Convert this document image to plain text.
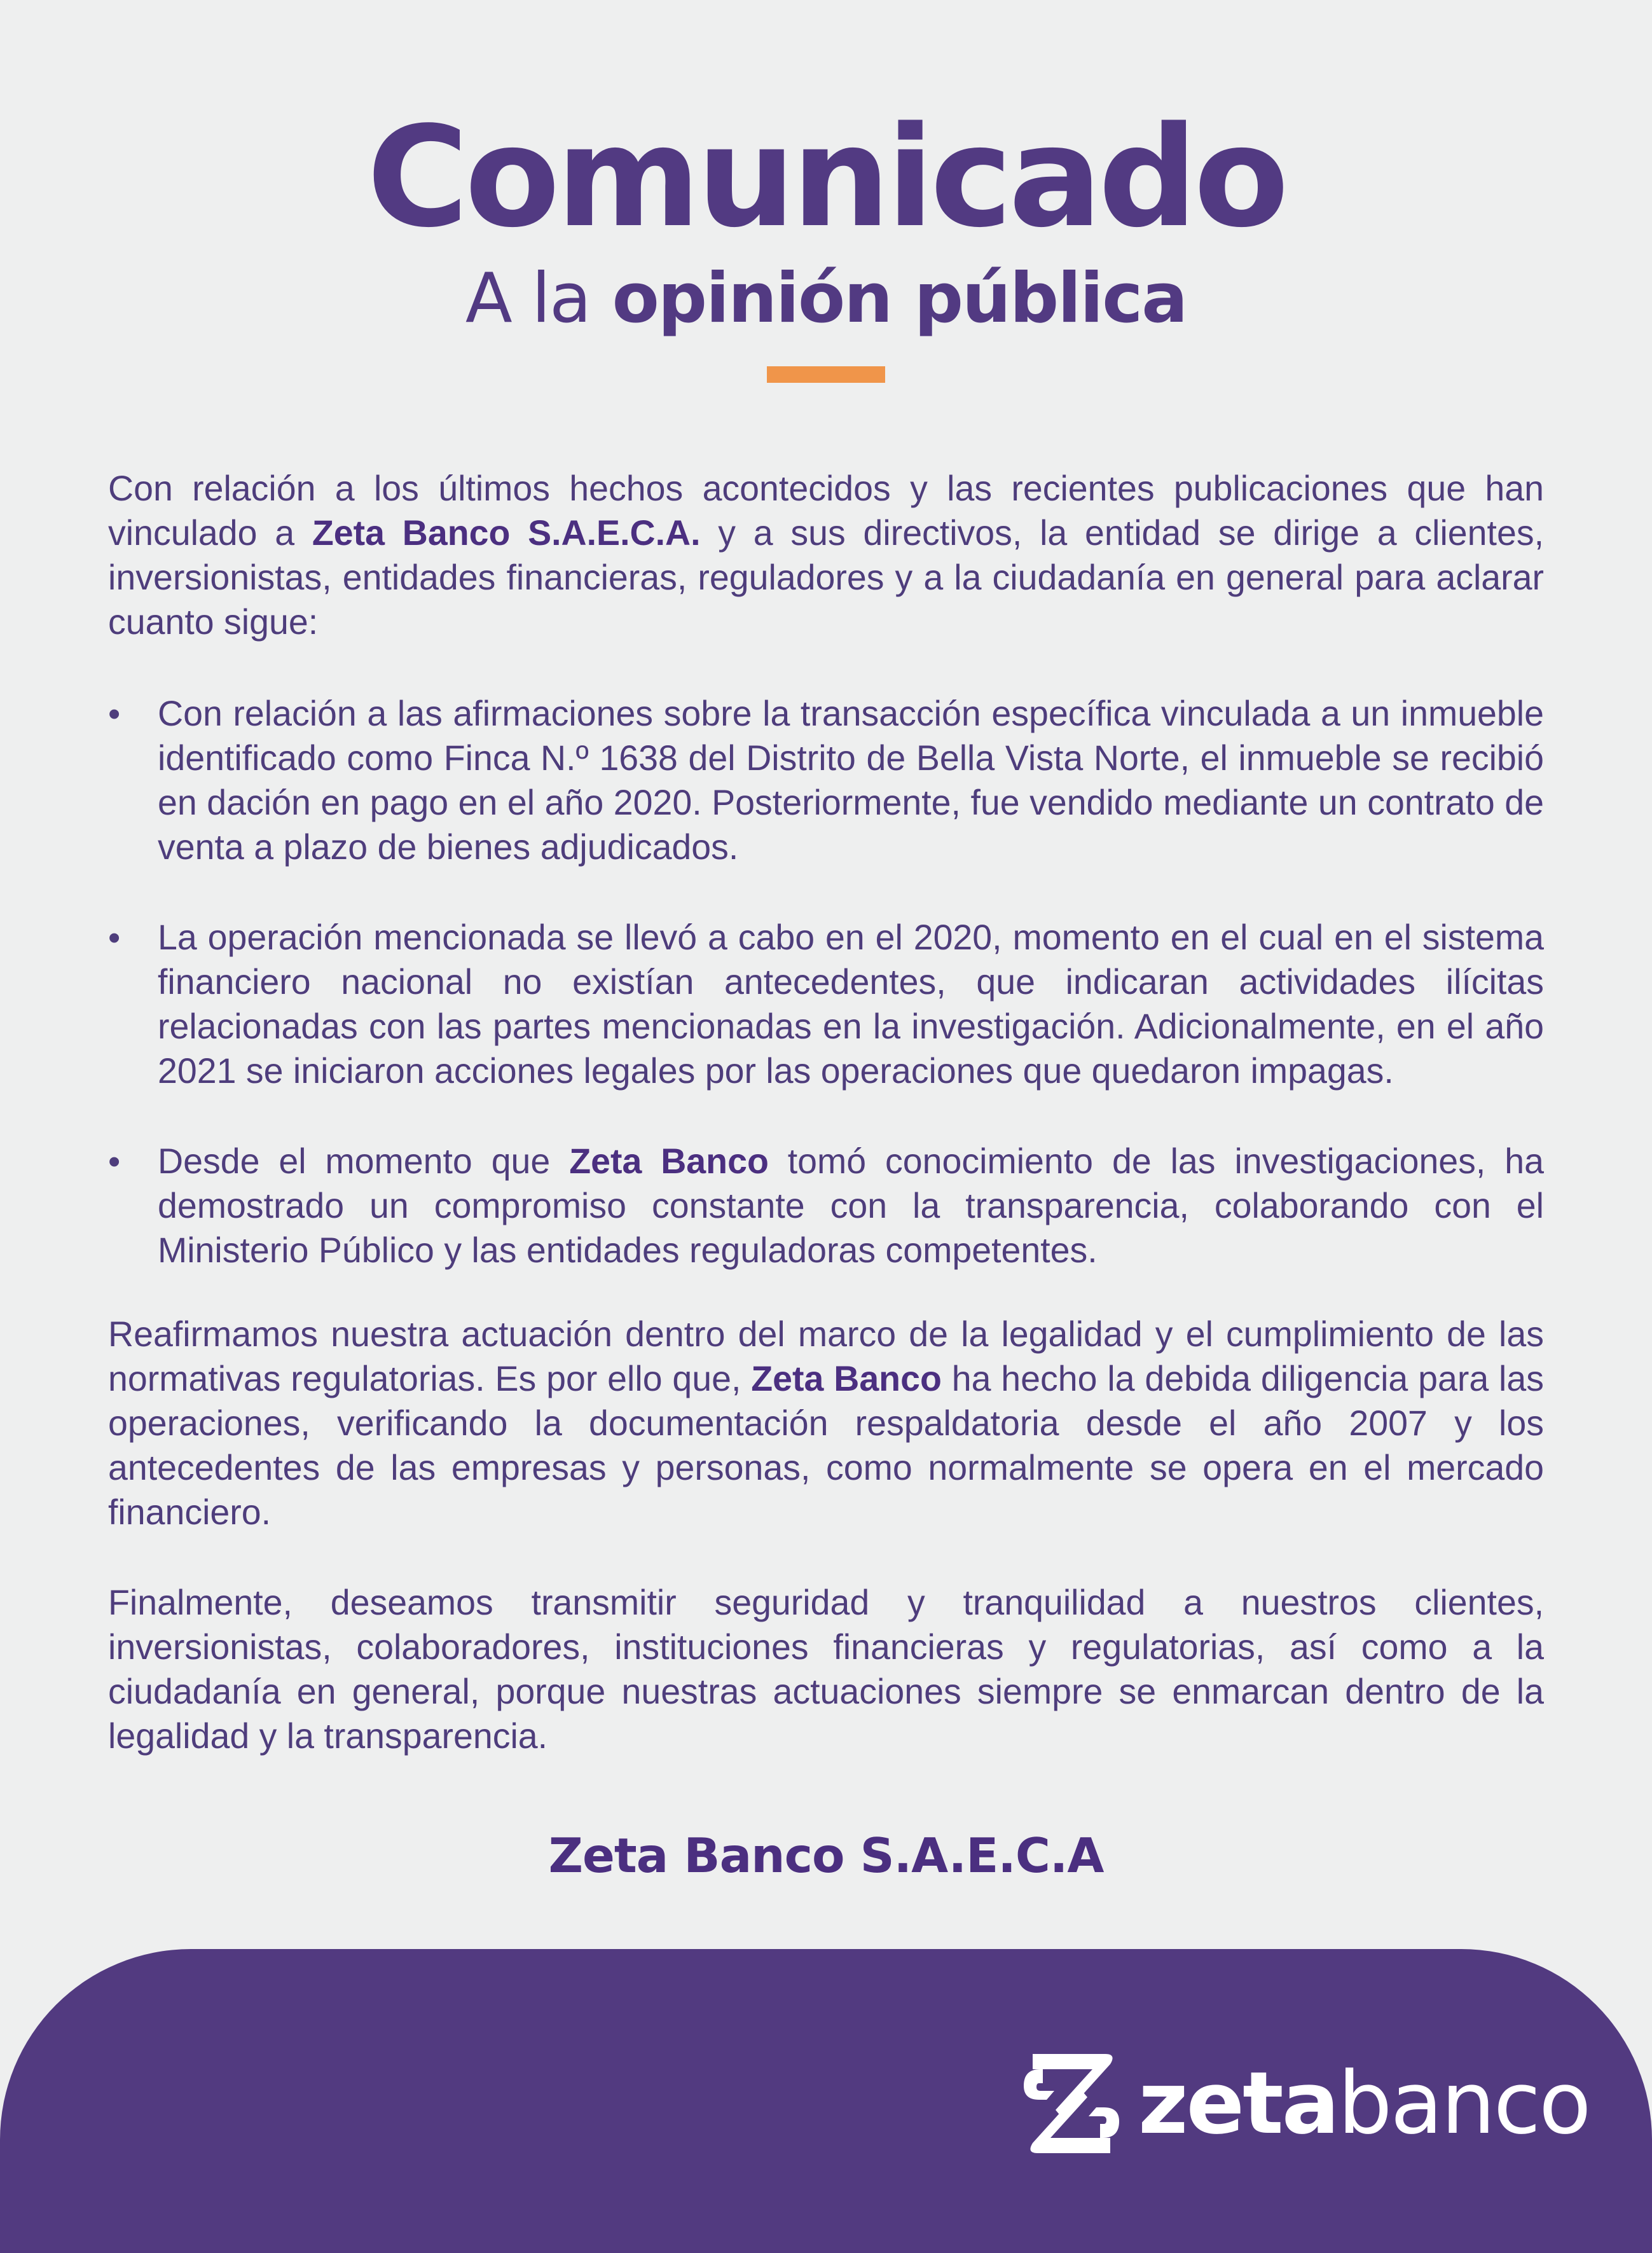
Comunicado

A la opinión pública

Con relación a los últimos hechos acontecidos y las recientes publicaciones que han vinculado a Zeta Banco S.A.E.C.A. y a sus directivos, la entidad se dirige a clientes, inversionistas, entidades financieras, reguladores y a la ciudadanía en general para aclarar cuanto sigue:

• Con relación a las afirmaciones sobre la transacción específica vinculada a un inmueble identificado como Finca N.º 1638 del Distrito de Bella Vista Norte, el inmueble se recibió en dación en pago en el año 2020. Posteriormente, fue vendido mediante un contrato de venta a plazo de bienes adjudicados.

• La operación mencionada se llevó a cabo en el 2020, momento en el cual en el sistema financiero nacional no existían antecedentes, que indicaran actividades ilícitas relacionadas con las partes mencionadas en la investigación. Adicionalmente, en el año 2021 se iniciaron acciones legales por las operaciones que quedaron impagas.

• Desde el momento que Zeta Banco tomó conocimiento de las investigaciones, ha demostrado un compromiso constante con la transparencia, colaborando con el Ministerio Público y las entidades reguladoras competentes.

Reafirmamos nuestra actuación dentro del marco de la legalidad y el cumplimiento de las normativas regulatorias. Es por ello que, Zeta Banco ha hecho la debida diligencia para las operaciones, verificando la documentación respaldatoria desde el año 2007 y los antecedentes de las empresas y personas, como normalmente se opera en el mercado financiero.

Finalmente, deseamos transmitir seguridad y tranquilidad a nuestros clientes, inversionistas, colaboradores, instituciones financieras y regulatorias, así como a la ciudadanía en general, porque nuestras actuaciones siempre se enmarcan dentro de la legalidad y la transparencia.

Zeta Banco S.A.E.C.A

zetabanco
